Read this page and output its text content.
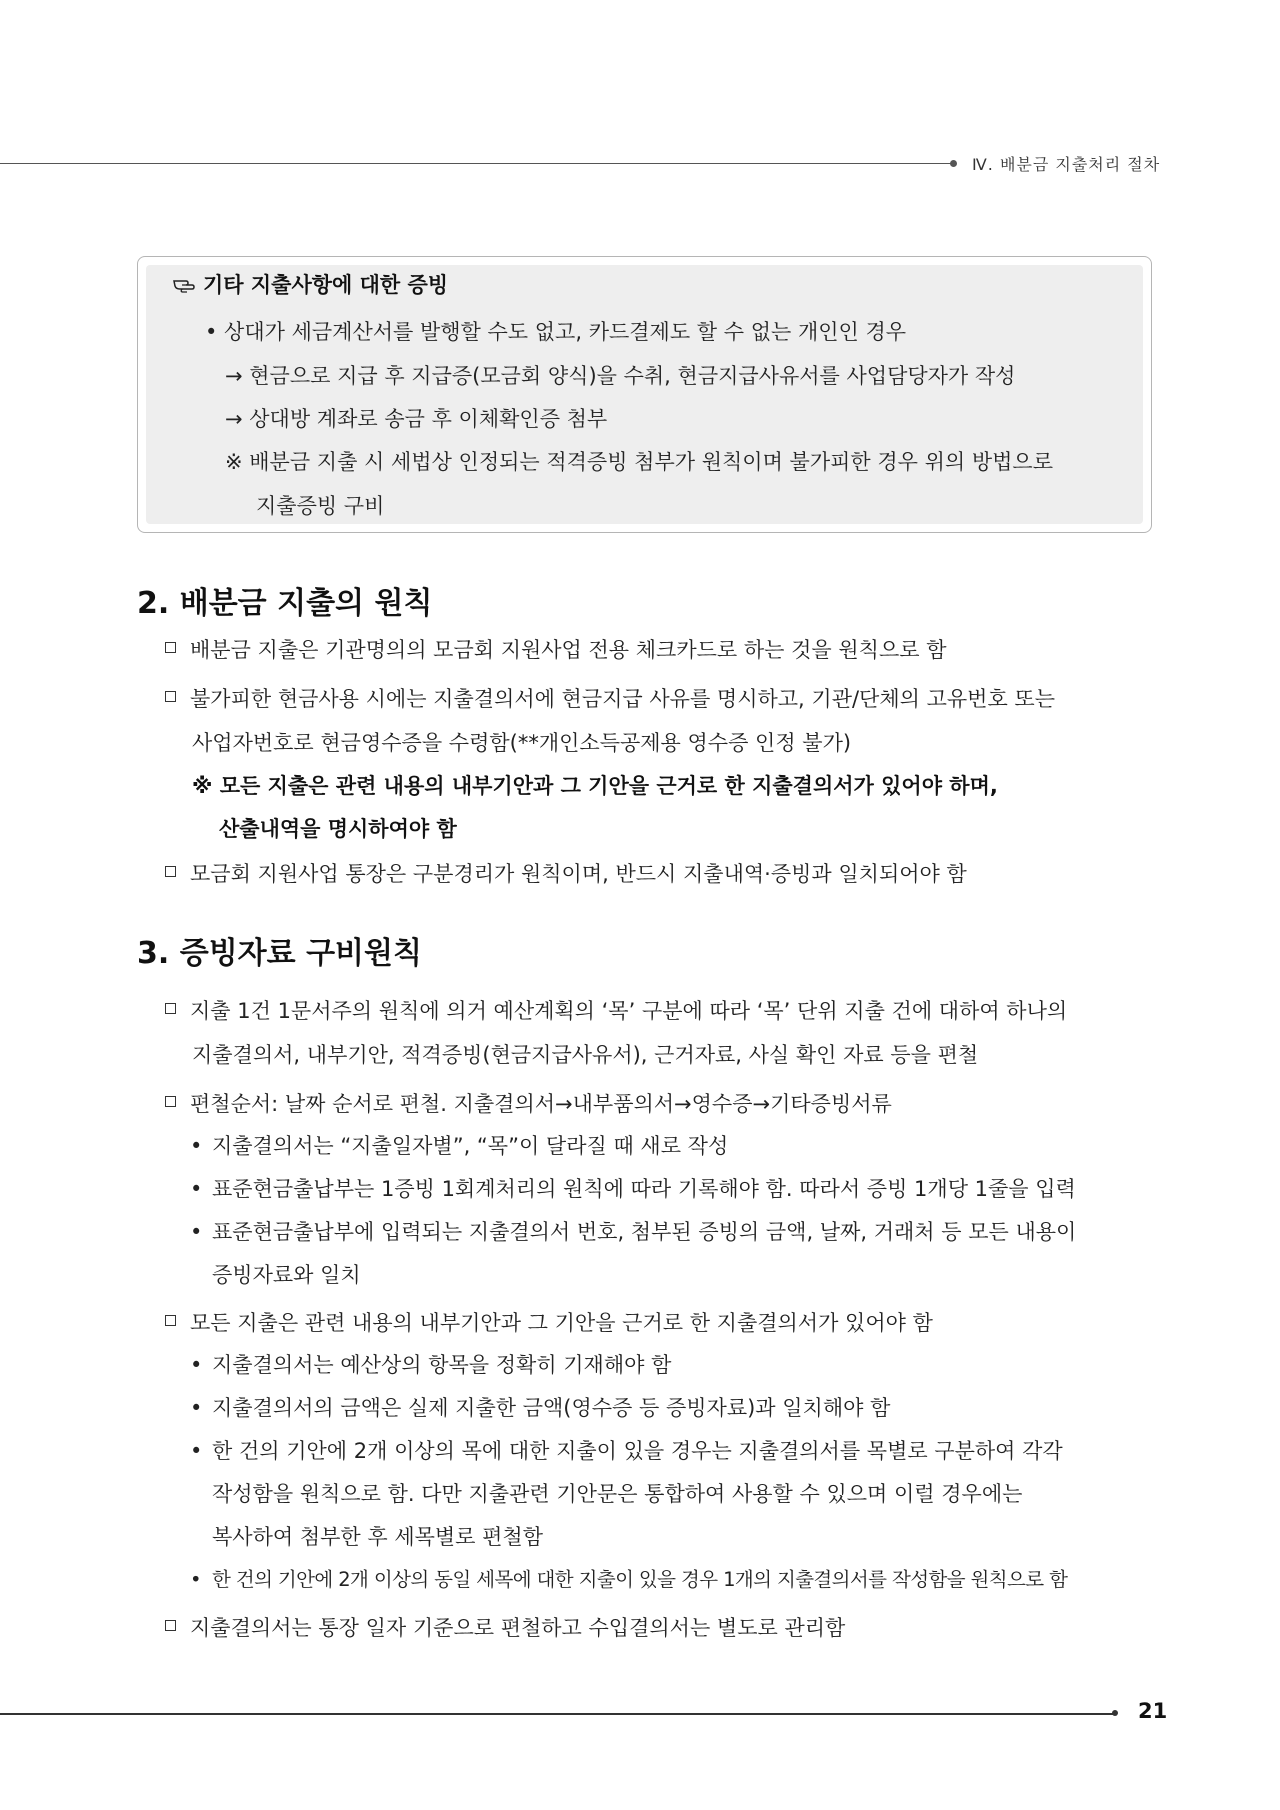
Ⅳ. 배분금 지출처리 절차
기타 지출사항에 대한 증빙
• 상대가 세금계산서를 발행할 수도 없고, 카드결제도 할 수 없는 개인인 경우
→ 현금으로 지급 후 지급증(모금회 양식)을 수취, 현금지급사유서를 사업담당자가 작성
→ 상대방 계좌로 송금 후 이체확인증 첨부
※ 배분금 지출 시 세법상 인정되는 적격증빙 첨부가 원칙이며 불가피한 경우 위의 방법으로
지출증빙 구비
2. 배분금 지출의 원칙
배분금 지출은 기관명의의 모금회 지원사업 전용 체크카드로 하는 것을 원칙으로 함
불가피한 현금사용 시에는 지출결의서에 현금지급 사유를 명시하고, 기관/단체의 고유번호 또는
사업자번호로 현금영수증을 수령함(**개인소득공제용 영수증 인정 불가)
※ 모든 지출은 관련 내용의 내부기안과 그 기안을 근거로 한 지출결의서가 있어야 하며,
산출내역을 명시하여야 함
모금회 지원사업 통장은 구분경리가 원칙이며, 반드시 지출내역·증빙과 일치되어야 함
3. 증빙자료 구비원칙
지출 1건 1문서주의 원칙에 의거 예산계획의 ‘목’ 구분에 따라 ‘목’ 단위 지출 건에 대하여 하나의
지출결의서, 내부기안, 적격증빙(현금지급사유서), 근거자료, 사실 확인 자료 등을 편철
편철순서: 날짜 순서로 편철. 지출결의서→내부품의서→영수증→기타증빙서류
• 지출결의서는 “지출일자별”, “목”이 달라질 때 새로 작성
• 표준현금출납부는 1증빙 1회계처리의 원칙에 따라 기록해야 함. 따라서 증빙 1개당 1줄을 입력
• 표준현금출납부에 입력되는 지출결의서 번호, 첨부된 증빙의 금액, 날짜, 거래처 등 모든 내용이
증빙자료와 일치
모든 지출은 관련 내용의 내부기안과 그 기안을 근거로 한 지출결의서가 있어야 함
• 지출결의서는 예산상의 항목을 정확히 기재해야 함
• 지출결의서의 금액은 실제 지출한 금액(영수증 등 증빙자료)과 일치해야 함
• 한 건의 기안에 2개 이상의 목에 대한 지출이 있을 경우는 지출결의서를 목별로 구분하여 각각
작성함을 원칙으로 함. 다만 지출관련 기안문은 통합하여 사용할 수 있으며 이럴 경우에는
복사하여 첨부한 후 세목별로 편철함
• 한 건의 기안에 2개 이상의 동일 세목에 대한 지출이 있을 경우 1개의 지출결의서를 작성함을 원칙으로 함
지출결의서는 통장 일자 기준으로 편철하고 수입결의서는 별도로 관리함
21
